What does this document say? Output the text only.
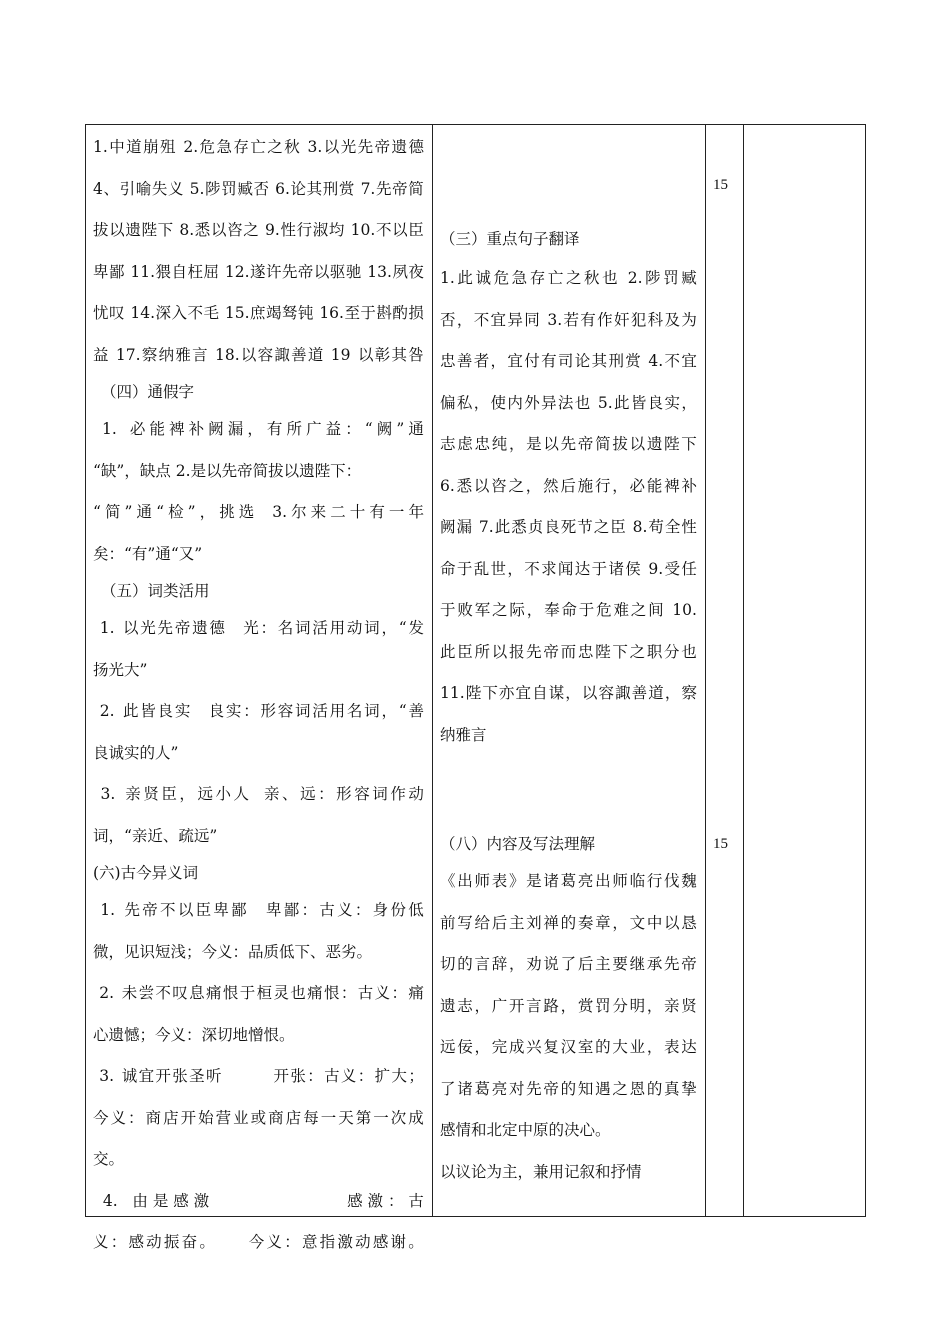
1. 中 道 崩 殂
2. 危 急 存 亡 之 秋
3. 以 光 先 帝 遗 德
4 、 引 喻 失 义
5. 陟 罚 臧 否
6. 论 其 刑 赏
7. 先 帝 简
拔 以 遗 陛 下
8. 悉 以 咨 之
9. 性 行 淑 均
10. 不 以 臣
卑 鄙
11. 猥 自 枉 屈
12. 遂 许 先 帝 以 驱 驰
13. 夙 夜
忧 叹
14. 深 入 不 毛
15. 庶 竭 驽 钝
16. 至 于 斟 酌 损
益
17. 察 纳 雅 言
18. 以 容 諏 善 道
19
以 彰 其 咎
（四）通假字

1.
必 能 裨 补 阙 漏 ， 有 所 广 益 ： “ 阙 ” 通
“缺”，缺点 2.是以先帝简拔以遗陛下：
“ 简 ” 通 “ 检 ” ， 挑 选
3. 尔 来 二 十 有 一 年
矣：“有”通“又”
（五）词类活用

1.
以 光 先 帝 遗 德
光 ： 名 词 活 用 动 词 ， “ 发
扬光大”

2.
此 皆 良 实
良 实 ： 形 容 词 活 用 名 词 ， “ 善
良诚实的人”

3.
亲 贤 臣 ， 远 小 人
亲 、 远 ： 形 容 词 作 动
词，“亲近、疏远”
(六)古今异义词

1.
先 帝 不 以 臣 卑 鄙
卑 鄙 ： 古 义 ： 身 份 低
微，见识短浅；今义：品质低下、恶劣。

2.
未 尝 不 叹 息 痛 恨 于 桓 灵 也 痛 恨 ： 古 义 ： 痛
心遗憾；今义：深切地憎恨。

3.
诚 宜 开 张 圣 听
	开 张 ： 古 义 ： 扩 大 ；
今 义 ： 商 店 开 始 营 业 或 商 店 每 一 天 第 一 次 成
交。

4.
由 是 感 激
	感 激 ： 古
义 ： 感 动 振 奋 。
今 义 ： 意 指 激 动 感 谢 。
（三）重点句子翻译
1. 此 诚 危 急 存 亡 之 秋 也
2. 陟 罚 臧
否 ， 不 宜 异 同
3. 若 有 作 奸 犯 科 及 为
忠 善 者 ， 宜 付 有 司 论 其 刑 赏
4. 不 宜
偏 私 ， 使 内 外 异 法 也
5. 此 皆 良 实 ，
志 虑 忠 纯 ， 是 以 先 帝 简 拔 以 遗 陛 下
6. 悉 以 咨 之 ， 然 后 施 行 ， 必 能 裨 补
阙 漏
7. 此 悉 贞 良 死 节 之 臣
8. 苟 全 性
命 于 乱 世 ， 不 求 闻 达 于 诸 侯
9. 受 任
于 败 军 之 际 ， 奉 命 于 危 难 之 间
10.
此 臣 所 以 报 先 帝 而 忠 陛 下 之 职 分 也
11. 陛 下 亦 宜 自 谋 ， 以 容 諏 善 道 ， 察
纳雅言
（八）内容及写法理解
《 出 师 表 》 是 诸 葛 亮 出 师 临 行 伐 魏
前 写 给 后 主 刘 禅 的 奏 章 ， 文 中 以 恳
切 的 言 辞 ， 劝 说 了 后 主 要 继 承 先 帝
遗 志 ， 广 开 言 路 ， 赏 罚 分 明 ， 亲 贤
远 佞 ， 完 成 兴 复 汉 室 的 大 业 ， 表 达
了 诸 葛 亮 对 先 帝 的 知 遇 之 恩 的 真 挚
感情和北定中原的决心。
以议论为主，兼用记叙和抒情
15
15
